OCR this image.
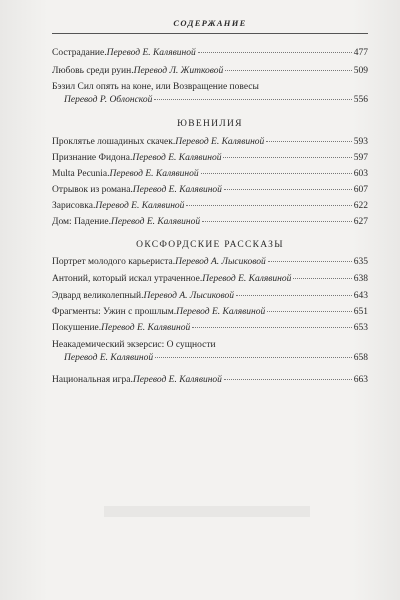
СОДЕРЖАНИЕ
Сострадание. Перевод Е. Калявиной	477
Любовь среди руин. Перевод Л. Житковой	509
Бэзил Сил опять на коне, или Возвращение повесы
Перевод Р. Облонской	556
ЮВЕНИЛИЯ
Проклятье лошадиных скачек. Перевод Е. Калявиной	593
Признание Фидона. Перевод Е. Калявиной	597
Multa Pecunia. Перевод Е. Калявиной	603
Отрывок из романа. Перевод Е. Калявиной	607
Зарисовка. Перевод Е. Калявиной	622
Дом: Падение. Перевод Е. Калявиной	627
ОКСФОРДСКИЕ РАССКАЗЫ
Портрет молодого карьериста. Перевод А. Лысиковой	635
Антоний, который искал утраченное. Перевод Е. Калявиной	638
Эдвард великолепный. Перевод А. Лысиковой	643
Фрагменты: Ужин с прошлым. Перевод Е. Калявиной	651
Покушение. Перевод Е. Калявиной	653
Неакадемический экзерсис: О сущности
Перевод Е. Калявиной	658
Национальная игра. Перевод Е. Калявиной	663
